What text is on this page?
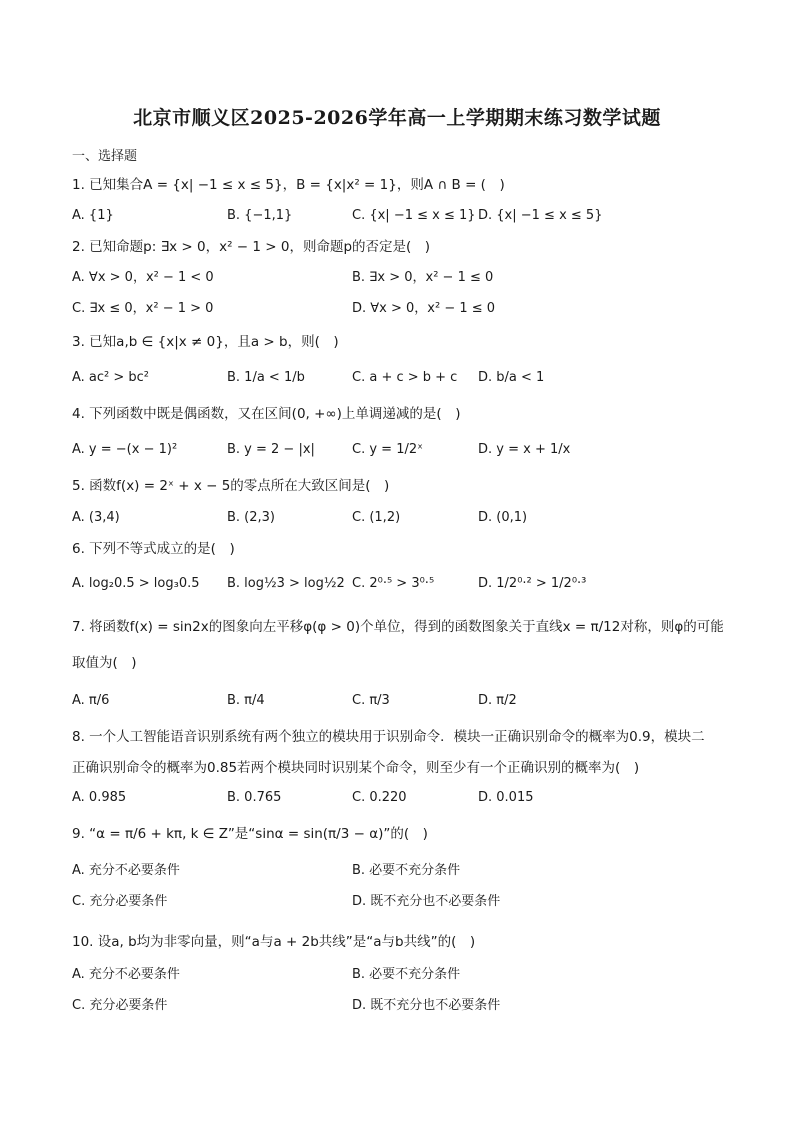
北京市顺义区2025-2026学年高一上学期期末练习数学试题
一、选择题
1. 已知集合A = {x| −1 ≤ x ≤ 5}，B = {x|x² = 1}，则A ∩ B = (　)
A. {1}	B. {−1,1}	C. {x| −1 ≤ x ≤ 1} D. {x| −1 ≤ x ≤ 5}
2. 已知命题p: ∃x > 0，x² − 1 > 0，则命题p的否定是(　)
A. ∀x > 0，x² − 1 < 0	B. ∃x > 0，x² − 1 ≤ 0
C. ∃x ≤ 0，x² − 1 > 0	D. ∀x > 0，x² − 1 ≤ 0
3. 已知a,b ∈ {x|x ≠ 0}，且a > b，则(　)
A. ac² > bc²	B. 1/a < 1/b	C. a + c > b + c D. b/a < 1
4. 下列函数中既是偶函数，又在区间(0, +∞)上单调递减的是(　)
A. y = −(x − 1)²	B. y = 2 − |x|	C. y = 1/2ˣ	D. y = x + 1/x
5. 函数f(x) = 2ˣ + x − 5的零点所在大致区间是(　)
A. (3,4)	B. (2,3)	C. (1,2)	D. (0,1)
6. 下列不等式成立的是(　)
A. log₂0.5 > log₃0.5 B. log½3 > log½2 C. 2⁰·⁵ > 3⁰·⁵	D. 1/2⁰·² > 1/2⁰·³
7. 将函数f(x) = sin2x的图象向左平移φ(φ > 0)个单位，得到的函数图象关于直线x = π/12对称，则φ的可能
取值为(　)
A. π/6	B. π/4	C. π/3	D. π/2
8. 一个人工智能语音识别系统有两个独立的模块用于识别命令．模块一正确识别命令的概率为0.9，模块二
正确识别命令的概率为0.85若两个模块同时识别某个命令，则至少有一个正确识别的概率为(　)
A. 0.985	B. 0.765	C. 0.220	D. 0.015
9. “α = π/6 + kπ, k ∈ Z”是“sinα = sin(π/3 − α)”的(　)
A. 充分不必要条件	B. 必要不充分条件
C. 充分必要条件	D. 既不充分也不必要条件
10. 设a, b均为非零向量，则“a与a + 2b共线”是“a与b共线”的(　)
A. 充分不必要条件	B. 必要不充分条件
C. 充分必要条件	D. 既不充分也不必要条件
